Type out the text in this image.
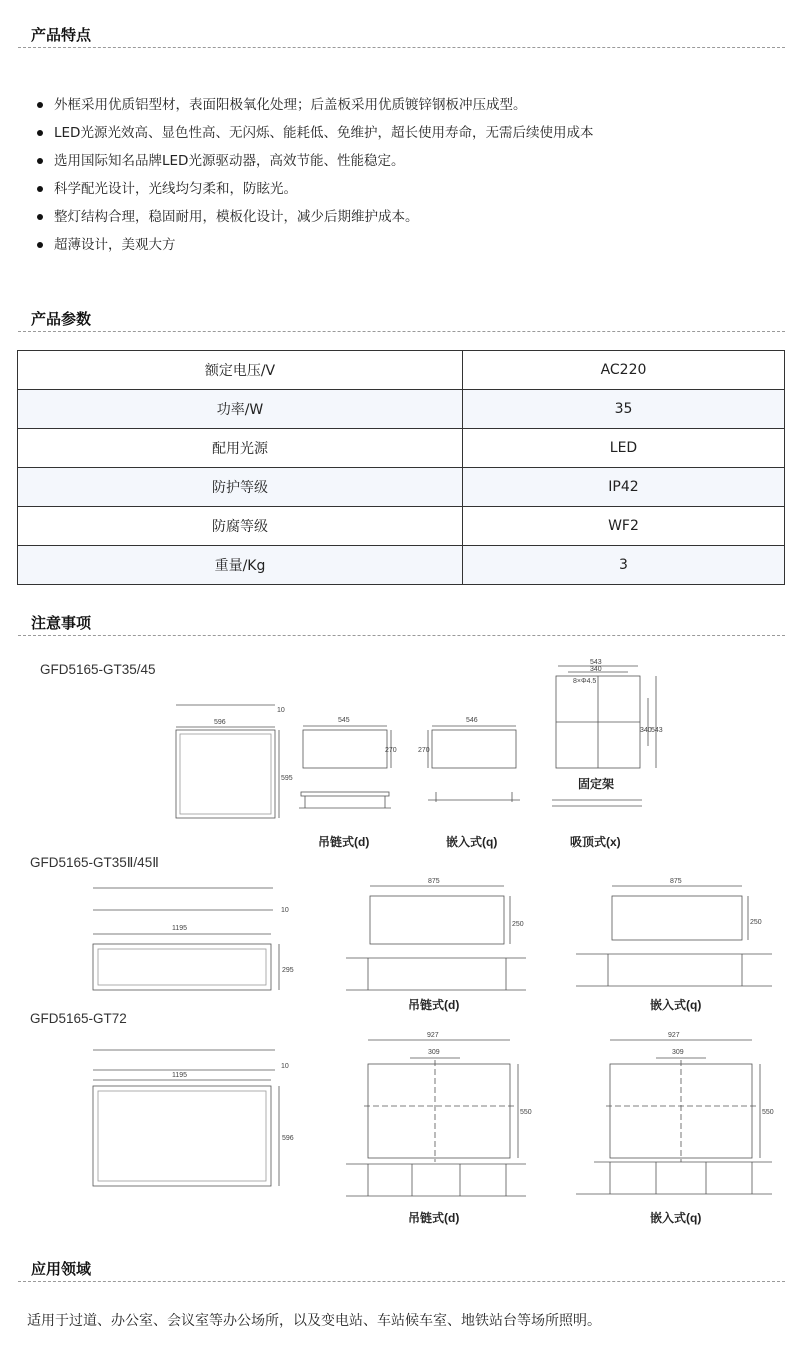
产品特点
外框采用优质铝型材，表面阳极氧化处理；后盖板采用优质镀锌钢板冲压成型。
LED光源光效高、显色性高、无闪烁、能耗低、免维护，超长使用寿命，无需后续使用成本
选用国际知名品牌LED光源驱动器，高效节能、性能稳定。
科学配光设计，光线均匀柔和，防眩光。
整灯结构合理，稳固耐用，模板化设计，减少后期维护成本。
超薄设计，美观大方
产品参数
额定电压/V	AC220
功率/W	35
配用光源	LED
防护等级	IP42
防腐等级	WF2
重量/Kg	3
注意事项
GFD5165-GT35/45
10
596
595
545
270
吊链式(d)
546
270
嵌入式(q)
543
340
8×Φ4.5
340 543
固定架
吸顶式(x)
GFD5165-GT35Ⅱ/45Ⅱ
10
1195
295
875
250
吊链式(d)
875
250
嵌入式(q)
GFD5165-GT72
10
1195
596
927
309
550
吊链式(d)
927
309
550
嵌入式(q)
应用领域
适用于过道、办公室、会议室等办公场所，以及变电站、车站候车室、地铁站台等场所照明。
